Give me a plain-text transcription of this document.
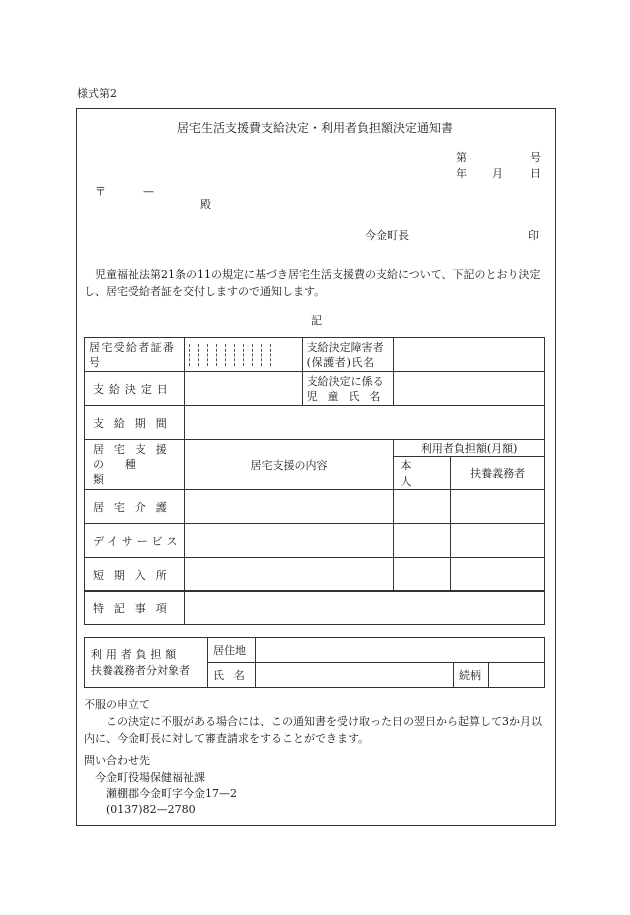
様式第2
居宅生活支援費支給決定・利用者負担額決定通知書
第	号
年 月 日
〒	—
殿
今金町長	印
児童福祉法第21条の11の規定に基づき居宅生活支援費の支給について、下記のとおり決定し、居宅受給者証を交付しますので通知します。
記
居宅受給者証番号		支給決定障害者
(保護者)氏名		

支給決定日		支給決定に係る
児童氏名		

支給期間				

居宅支援
の種類	居宅支援の内容		利用者負担額(月額)	
			本人	扶養義務者
居宅介護				
デイサービス				
短期入所				
特記事項	
利用者負担額
扶養義務者分対象者	居住地			
	氏名		続柄	
不服の申立て
この決定に不服がある場合には、この通知書を受け取った日の翌日から起算して3か月以内に、今金町長に対して審査請求をすることができます。
問い合わせ先
今金町役場保健福祉課
瀬棚郡今金町字今金17—2
(0137)82—2780
